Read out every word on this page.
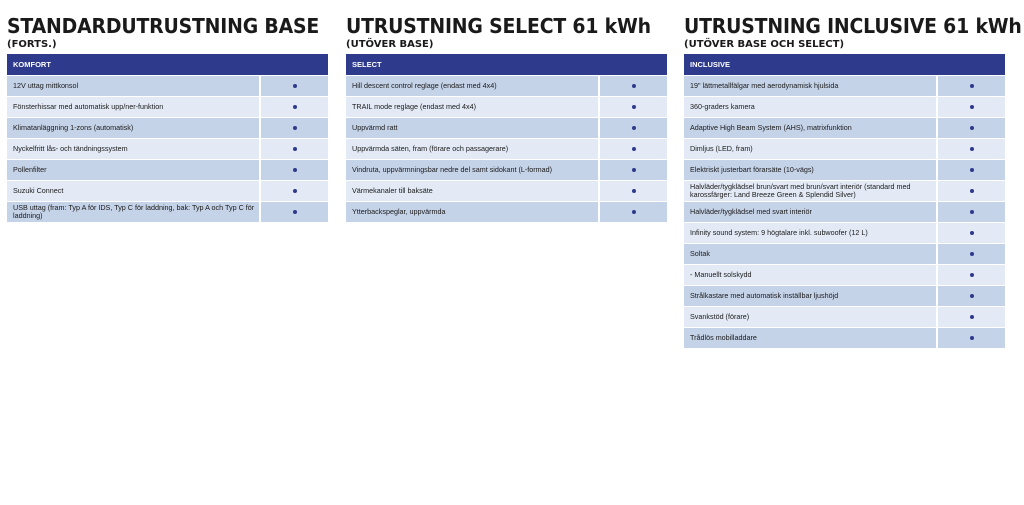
STANDARDUTRUSTNING BASE
(FORTS.)
KOMFORT
12V uttag mittkonsol
Fönsterhissar med automatisk upp/ner-funktion
Klimatanläggning 1-zons (automatisk)
Nyckelfritt lås- och tändningssystem
Pollenfilter
Suzuki Connect
USB uttag (fram: Typ A för IDS, Typ C för laddning, bak: Typ A och Typ C för laddning)
UTRUSTNING SELECT 61 kWh
(UTÖVER BASE)
SELECT
Hill descent control reglage (endast med 4x4)
TRAIL mode reglage (endast med 4x4)
Uppvärmd ratt
Uppvärmda säten, fram (förare och passagerare)
Vindruta, uppvärmningsbar nedre del samt sidokant (L-formad)
Värmekanaler till baksäte
Ytterbackspeglar, uppvärmda
UTRUSTNING INCLUSIVE 61 kWh
(UTÖVER BASE OCH SELECT)
INCLUSIVE
19" lättmetallfälgar med aerodynamisk hjulsida
360-graders kamera
Adaptive High Beam System (AHS), matrixfunktion
Dimljus (LED, fram)
Elektriskt justerbart förarsäte (10-vägs)
Halvläder/tygklädsel brun/svart med brun/svart interiör (standard med karossfärger: Land Breeze Green & Splendid Silver)
Halvläder/tygklädsel med svart interiör
Infinity sound system: 9 högtalare inkl. subwoofer (12 L)
Soltak
- Manuellt solskydd
Strålkastare med automatisk inställbar ljushöjd
Svankstöd (förare)
Trådlös mobilladdare
